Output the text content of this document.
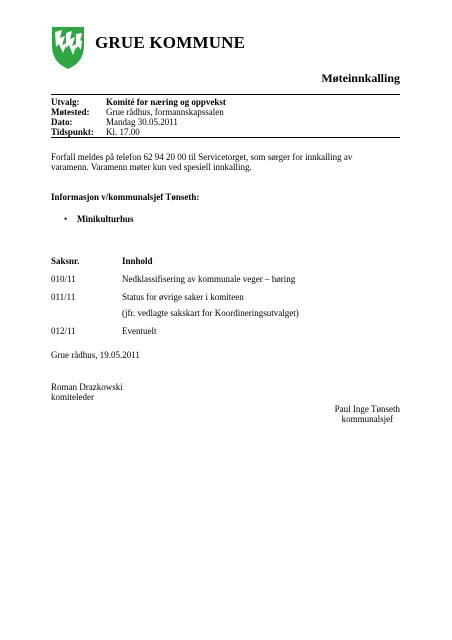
GRUE KOMMUNE
Møteinnkalling
Utvalg:	Komité for næring og oppvekst
Møtested:	Grue rådhus, formannskapssalen
Dato:	Mandag 30.05.2011
Tidspunkt:	Kl. 17.00
Forfall meldes på telefon 62 94 20 00 til Servicetorget, som sørger for innkalling av
varamenn. Varamenn møter kun ved spesiell innkalling.
Informasjon v/kommunalsjef Tønseth:
• Minikulturhus
Saksnr.	Innhold
010/11	Nedklassifisering av kommunale veger – høring
011/11	Status for øvrige saker i komiteen
(jfr. vedlagte sakskart for Koordineringsutvalget)
012/11	Eventuelt
Grue rådhus, 19.05.2011
Roman Drazkowski
komiteleder
Paul Inge Tønseth
kommunalsjef
